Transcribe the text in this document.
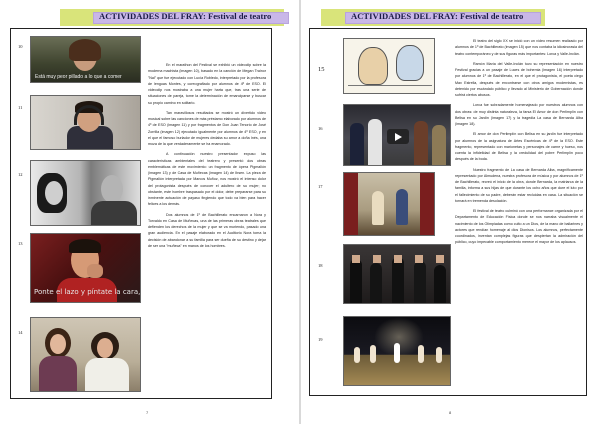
ACTIVIDADES DEL FRAY: Festival de teatro
10
Está muy peor pillado a lo que a comer
11
12
13
Ponte el lazo y píntate la cara,
14

En el marathon del Festival se exhibió un videoclip sobre la moderna machista (imagen 10), basado en la canción de Megan Trainor "Nal" que fue ejecutado con Lucía Robledo, interpretado por la profesora de lenguas Montes, y coreografiado por alumnos de 4º de ESO. El videoclip nos mostraba a una mujer harta que, tras una serie de situaciones de pareja, tome la determinación de emanciparse y buscar su propio camino en solitario.

Tan maravillosos resultados se mostró un divertido video musical sobre las canciones de más préstamo elaborado por alumnos de 4º de ESO (imagen 11) y por fragmentos de Don Juan Tenorio de José Zorrilla (imagen 12) ejecutado igualmente por alumnos de 4º ESO, y en el que el famoso burlador de mujeres dedaba su amor a doña Inés, una moza de la que verdaderamente se ha enamorado.

A continuación nuestro presentador expuso las características ambientales del teatrero y presentó dos obras emblemáticas de este movimiento: un fragmento de ópera Pigmalión (imagen 13) y de Casa de Muñecas (imagen 14) de Ibsen. La pieza de Pigmalión interpretada por Marcos Muñoz, nos mostró el intenso dolor del protagonista después de conocer el adultero de su mujer; no obstante, este hombre traspasado por el dolor, debe prepararse para su inminente actuación de payaso fingiendo que todo va bien para hacer felices a los demás.

Dos alumnos de 1º de Bachillerato encarnaron a Nora y Torvaldo en Casa de Muñecas, una de las primeras obras teatrales que defienden los derechos de la mujer y que se va muriendo, pasado una gran audiencia. En el pasaje elaborado en el Auditorio Nora toma la decisión de abandonar a su familia para ser dueña de su destino y dejar de ser una "muñeca" en manos de los hombres.

7
ACTIVIDADES DEL FRAY: Festival de teatro
15
16
17
18
19

El teatro del siglo XX se inició con un vídeo resumen realizado por alumnos de 1º de Bachillerato (imagen 15) que nos contaba la idiosincrasia del teatro contemporáneo y de sus figuras más importantes: Lorca y Valle-Inclán.

Ramón María del Valle-Inclán tuvo su representación en nuestro Festival gracias a un pasaje de Luces de bohemia (imagen 16) interpretado por alumnos de 1º de Bachillerato, en el que el protagonista, el poeta ciego Max Estrella, después de encontrarse con otros amigos modernistas, es detenido por escándalo público y llevado al Ministerio de Gobernación donde sufrirá ciertos abusos.

Lorca fue sobradamente homenajeado por nuestros alumnos con dos obras: de muy distinta naturaleza, la farsa El Amor de don Perlimplín con Belisa en su Jardín (imagen 17) y la tragedia La casa de Bernarda Alba (imagen 18).

El amor de don Perlimplín con Belisa en su jardín fue interpretado por alumnos de la asignatura de Artes Escénicas de 4º de la ESO. Este fragmento, representado con marionetas y personajes de carne y hueso, nos cuenta la infidelidad de Belisa y la credulidad del pobre Perlimplín poco después de la boda.

Nuestro fragmento de La casa de Bernarda Alba, magníficamente representado por Almudena, nuestra profesora de música y por alumnos de 1º de Bachillerato, recreó el inicio de la obra, donde Bernarda, la matriarca de la familia, informa a sus hijas de que durante los ocho años que dure el luto por el fallecimiento de su padre, deberán estar recluidas en casa. La situación se tornará en tremenda desolación.

El festival de teatro culminó con una performance organizada por el Departamento de Educación Física donde se nos narraba visualmente el nacimiento de los Olimpiadas como culto a un Dios, de la mano de bailarines y actores que rendían homenaje al dios Dionisos. Los alumnos, perfectamente coordinados, inventan complejas figuras que despiertan la admiración del público, cuyo impecable comportamiento merece el mayor de los aplausos.

8
